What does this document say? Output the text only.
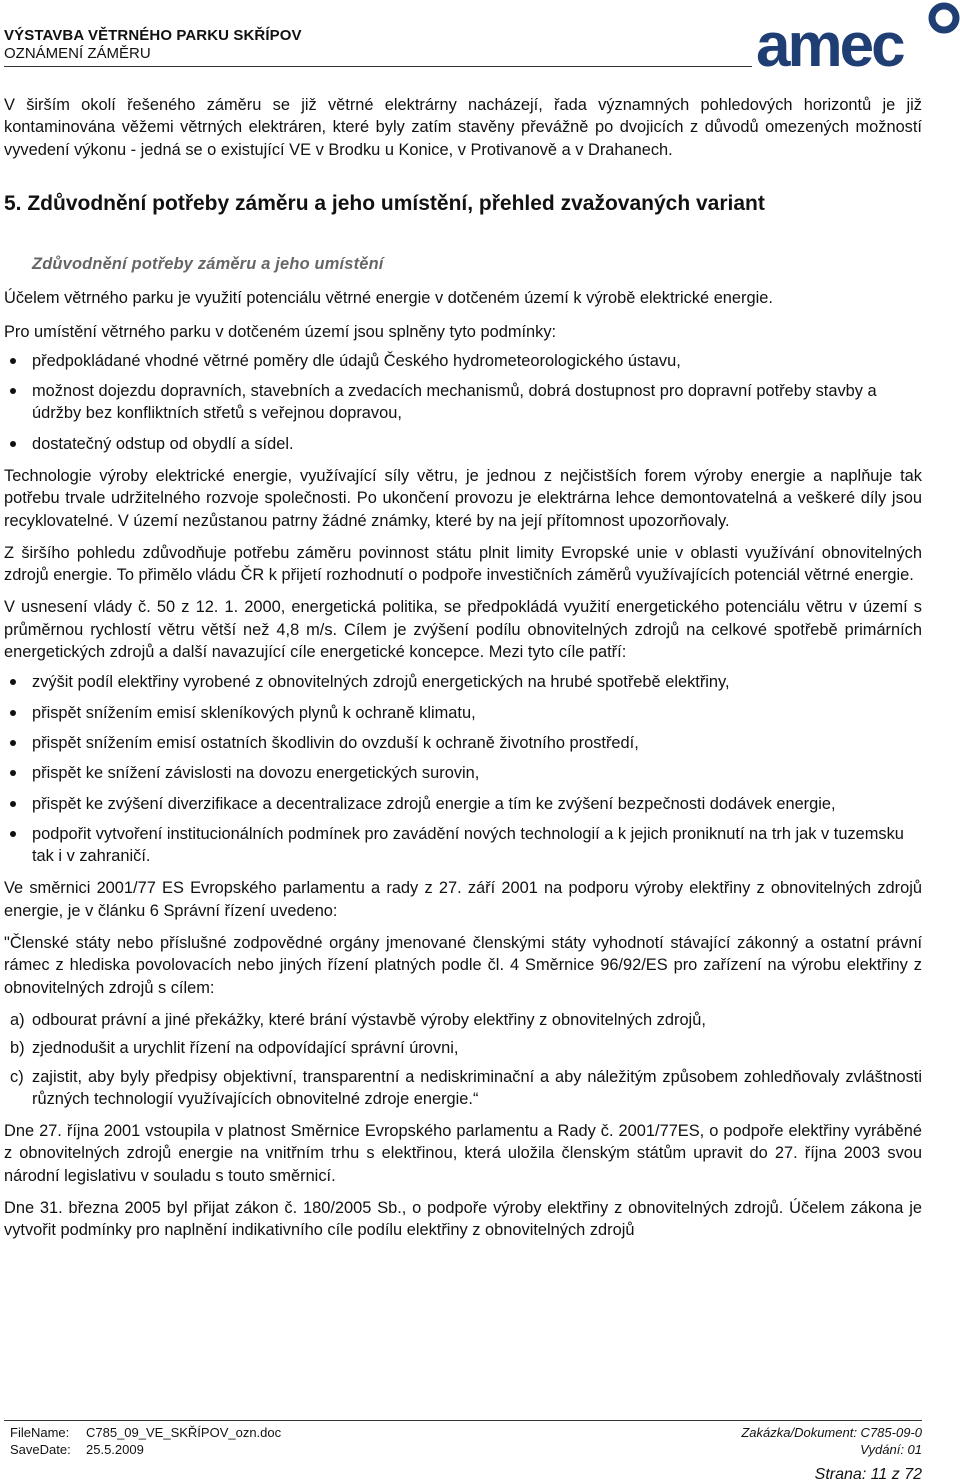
VÝSTAVBA VĚTRNÉHO PARKU SKŘÍPOV
OZNÁMENÍ ZÁMĚRU	amec

V širším okolí řešeného záměru se již větrné elektrárny nacházejí, řada významných pohledových horizontů je již kontaminována věžemi větrných elektráren, které byly zatím stavěny převážně po dvojicích z důvodů omezených možností vyvedení výkonu - jedná se o existující VE v Brodku u Konice, v Protivanově a v Drahanech.

5. Zdůvodnění potřeby záměru a jeho umístění, přehled zvažovaných variant
Zdůvodnění potřeby záměru a jeho umístění

Účelem větrného parku je využití potenciálu větrné energie v dotčeném území k výrobě elektrické energie.

Pro umístění větrného parku v dotčeném území jsou splněny tyto podmínky:

předpokládané vhodné větrné poměry dle údajů Českého hydrometeorologického ústavu,
možnost dojezdu dopravních, stavebních a zvedacích mechanismů, dobrá dostupnost pro dopravní potřeby stavby a údržby bez konfliktních střetů s veřejnou dopravou,
dostatečný odstup od obydlí a sídel.

Technologie výroby elektrické energie, využívající síly větru, je jednou z nejčistších forem výroby energie a naplňuje tak potřebu trvale udržitelného rozvoje společnosti. Po ukončení provozu je elektrárna lehce demontovatelná a veškeré díly jsou recyklovatelné. V území nezůstanou patrny žádné známky, které by na její přítomnost upozorňovaly.

Z širšího pohledu zdůvodňuje potřebu záměru povinnost státu plnit limity Evropské unie v oblasti využívání obnovitelných zdrojů energie. To přimělo vládu ČR k přijetí rozhodnutí o podpoře investičních záměrů využívajících potenciál větrné energie.

V usnesení vlády č. 50 z 12. 1. 2000, energetická politika, se předpokládá využití energetického potenciálu větru v území s průměrnou rychlostí větru větší než 4,8 m/s. Cílem je zvýšení podílu obnovitelných zdrojů na celkové spotřebě primárních energetických zdrojů a další navazující cíle energetické koncepce. Mezi tyto cíle patří:

zvýšit podíl elektřiny vyrobené z obnovitelných zdrojů energetických na hrubé spotřebě elektřiny,
přispět snížením emisí skleníkových plynů k ochraně klimatu,
přispět snížením emisí ostatních škodlivin do ovzduší k ochraně životního prostředí,
přispět ke snížení závislosti na dovozu energetických surovin,
přispět ke zvýšení diverzifikace a decentralizace zdrojů energie a tím ke zvýšení bezpečnosti dodávek energie,
podpořit vytvoření institucionálních podmínek pro zavádění nových technologií a k jejich proniknutí na trh jak v tuzemsku tak i v zahraničí.

Ve směrnici 2001/77 ES Evropského parlamentu a rady z 27. září 2001 na podporu výroby elektřiny z obnovitelných zdrojů energie, je v článku 6 Správní řízení uvedeno:

"Členské státy nebo příslušné zodpovědné orgány jmenované členskými státy vyhodnotí stávající zákonný a ostatní právní rámec z hlediska povolovacích nebo jiných řízení platných podle čl. 4 Směrnice 96/92/ES pro zařízení na výrobu elektřiny z obnovitelných zdrojů s cílem:

a) odbourat právní a jiné překážky, které brání výstavbě výroby elektřiny z obnovitelných zdrojů,
b) zjednodušit a urychlit řízení na odpovídající správní úrovni,
c) zajistit, aby byly předpisy objektivní, transparentní a nediskriminační a aby náležitým způsobem zohledňovaly zvláštnosti různých technologií využívajících obnovitelné zdroje energie.“

Dne 27. října 2001 vstoupila v platnost Směrnice Evropského parlamentu a Rady č. 2001/77ES, o podpoře elektřiny vyráběné z obnovitelných zdrojů energie na vnitřním trhu s elektřinou, která uložila členským státům upravit do 27. října 2003 svou národní legislativu v souladu s touto směrnicí.

Dne 31. března 2005 byl přijat zákon č. 180/2005 Sb., o podpoře výroby elektřiny z obnovitelných zdrojů. Účelem zákona je vytvořit podmínky pro naplnění indikativního cíle podílu elektřiny z obnovitelných zdrojů

FileName: C785_09_VE_SKŘÍPOV_ozn.doc	Zakázka/Dokument: C785-09-0
SaveDate: 25.5.2009	Vydání: 01
Strana: 11 z 72
